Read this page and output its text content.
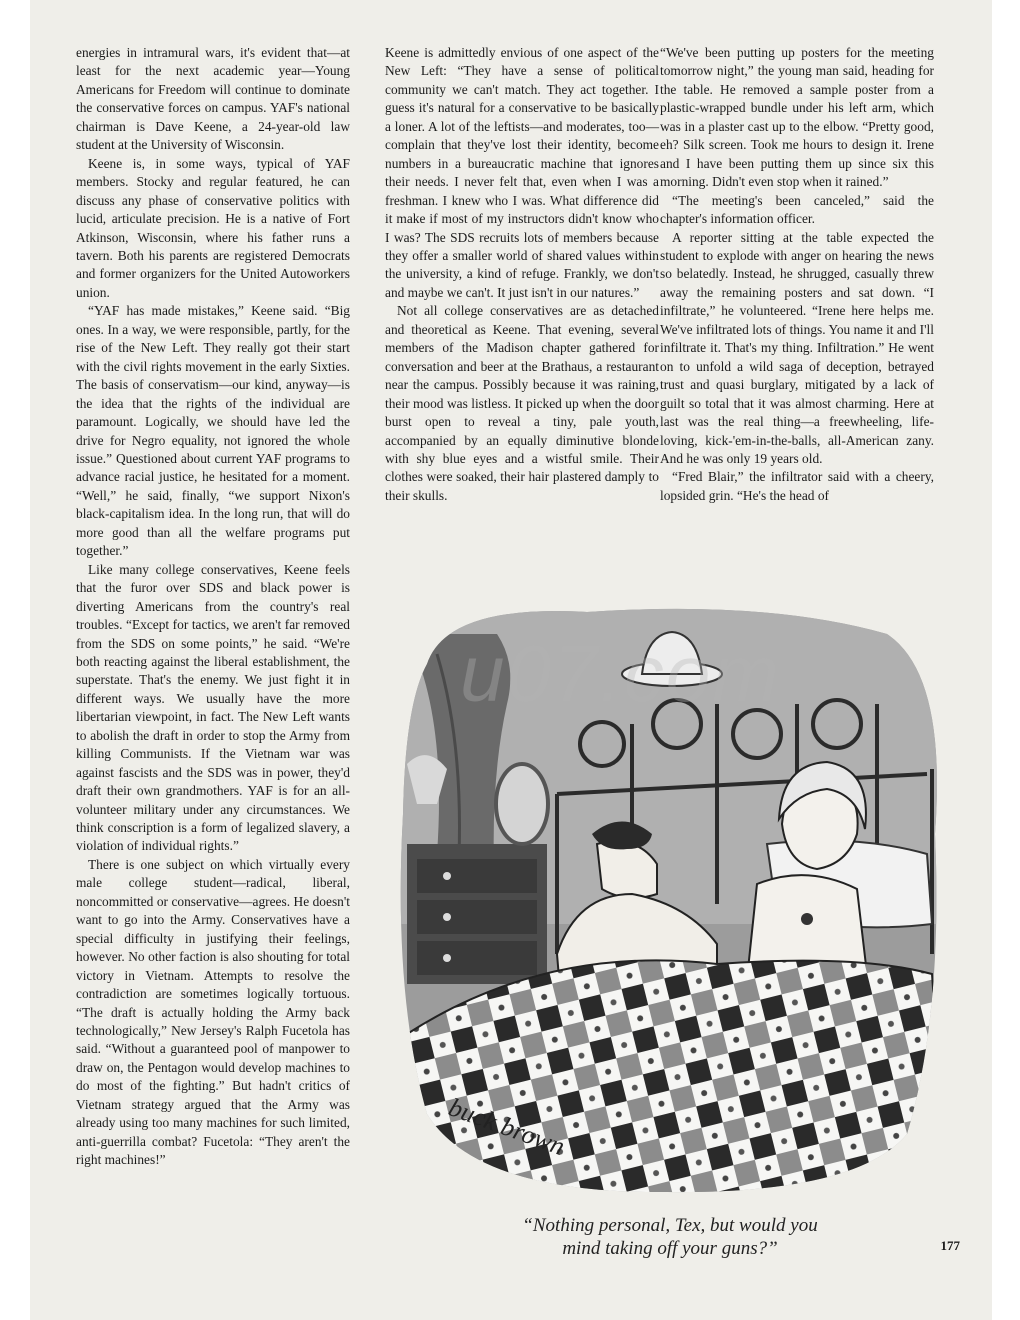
energies in intramural wars, it's evident that—at least for the next academic year—Young Americans for Freedom will continue to dominate the conservative forces on campus. YAF's national chairman is Dave Keene, a 24-year-old law student at the University of Wisconsin.

Keene is, in some ways, typical of YAF members. Stocky and regular featured, he can discuss any phase of conservative politics with lucid, articulate precision. He is a native of Fort Atkinson, Wisconsin, where his father runs a tavern. Both his parents are registered Democrats and former organizers for the United Autoworkers union.

“YAF has made mistakes,” Keene said. “Big ones. In a way, we were responsible, partly, for the rise of the New Left. They really got their start with the civil rights movement in the early Sixties. The basis of conservatism—our kind, anyway—is the idea that the rights of the individual are paramount. Logically, we should have led the drive for Negro equality, not ignored the whole issue.” Questioned about current YAF programs to advance racial justice, he hesitated for a moment. “Well,” he said, finally, “we support Nixon's black-capitalism idea. In the long run, that will do more good than all the welfare programs put together.”

Like many college conservatives, Keene feels that the furor over SDS and black power is diverting Americans from the country's real troubles. “Except for tactics, we aren't far removed from the SDS on some points,” he said. “We're both reacting against the liberal establishment, the superstate. That's the enemy. We just fight it in different ways. We usually have the more libertarian viewpoint, in fact. The New Left wants to abolish the draft in order to stop the Army from killing Communists. If the Vietnam war was against fascists and the SDS was in power, they'd draft their own grandmothers. YAF is for an all-volunteer military under any circumstances. We think conscription is a form of legalized slavery, a violation of individual rights.”

There is one subject on which virtually every male college student—radical, liberal, noncommitted or conservative—agrees. He doesn't want to go into the Army. Conservatives have a special difficulty in justifying their feelings, however. No other faction is also shouting for total victory in Vietnam. Attempts to resolve the contradiction are sometimes logically tortuous. “The draft is actually holding the Army back technologically,” New Jersey's Ralph Fucetola has said. “Without a guaranteed pool of manpower to draw on, the Pentagon would develop machines to do most of the fighting.” But hadn't critics of Vietnam strategy argued that the Army was already using too many machines for such limited, anti-guerrilla combat? Fucetola: “They aren't the right machines!”

Keene is admittedly envious of one aspect of the New Left: “They have a sense of political community we can't match. They act together. I guess it's natural for a conservative to be basically a loner. A lot of the leftists—and moderates, too—complain that they've lost their identity, become numbers in a bureaucratic machine that ignores their needs. I never felt that, even when I was a freshman. I knew who I was. What difference did it make if most of my instructors didn't know who I was? The SDS recruits lots of members because they offer a smaller world of shared values within the university, a kind of refuge. Frankly, we don't and maybe we can't. It just isn't in our natures.”

Not all college conservatives are as detached and theoretical as Keene. That evening, several members of the Madison chapter gathered for conversation and beer at the Brathaus, a restaurant near the campus. Possibly because it was raining, their mood was listless. It picked up when the door burst open to reveal a tiny, pale youth, accompanied by an equally diminutive blonde with shy blue eyes and a wistful smile. Their clothes were soaked, their hair plastered damply to their skulls.

“We've been putting up posters for the meeting tomorrow night,” the young man said, heading for the table. He removed a sample poster from a plastic-wrapped bundle under his left arm, which was in a plaster cast up to the elbow. “Pretty good, eh? Silk screen. Took me hours to design it. Irene and I have been putting them up since six this morning. Didn't even stop when it rained.”

“The meeting's been canceled,” said the chapter's information officer.

A reporter sitting at the table expected the student to explode with anger on hearing the news so belatedly. Instead, he shrugged, casually threw away the remaining posters and sat down. “I infiltrate,” he volunteered. “Irene here helps me. We've infiltrated lots of things. You name it and I'll infiltrate it. That's my thing. Infiltration.” He went on to unfold a wild saga of deception, betrayed trust and quasi burglary, mitigated by a lack of guilt so total that it was almost charming. Here at last was the real thing—a freewheeling, life-loving, kick-'em-in-the-balls, all-American zany. And he was only 19 years old.

“Fred Blair,” the infiltrator said with a cheery, lopsided grin. “He's the head of

buck brown
u07.com
“Nothing personal, Tex, but would you
mind taking off your guns?”	177
